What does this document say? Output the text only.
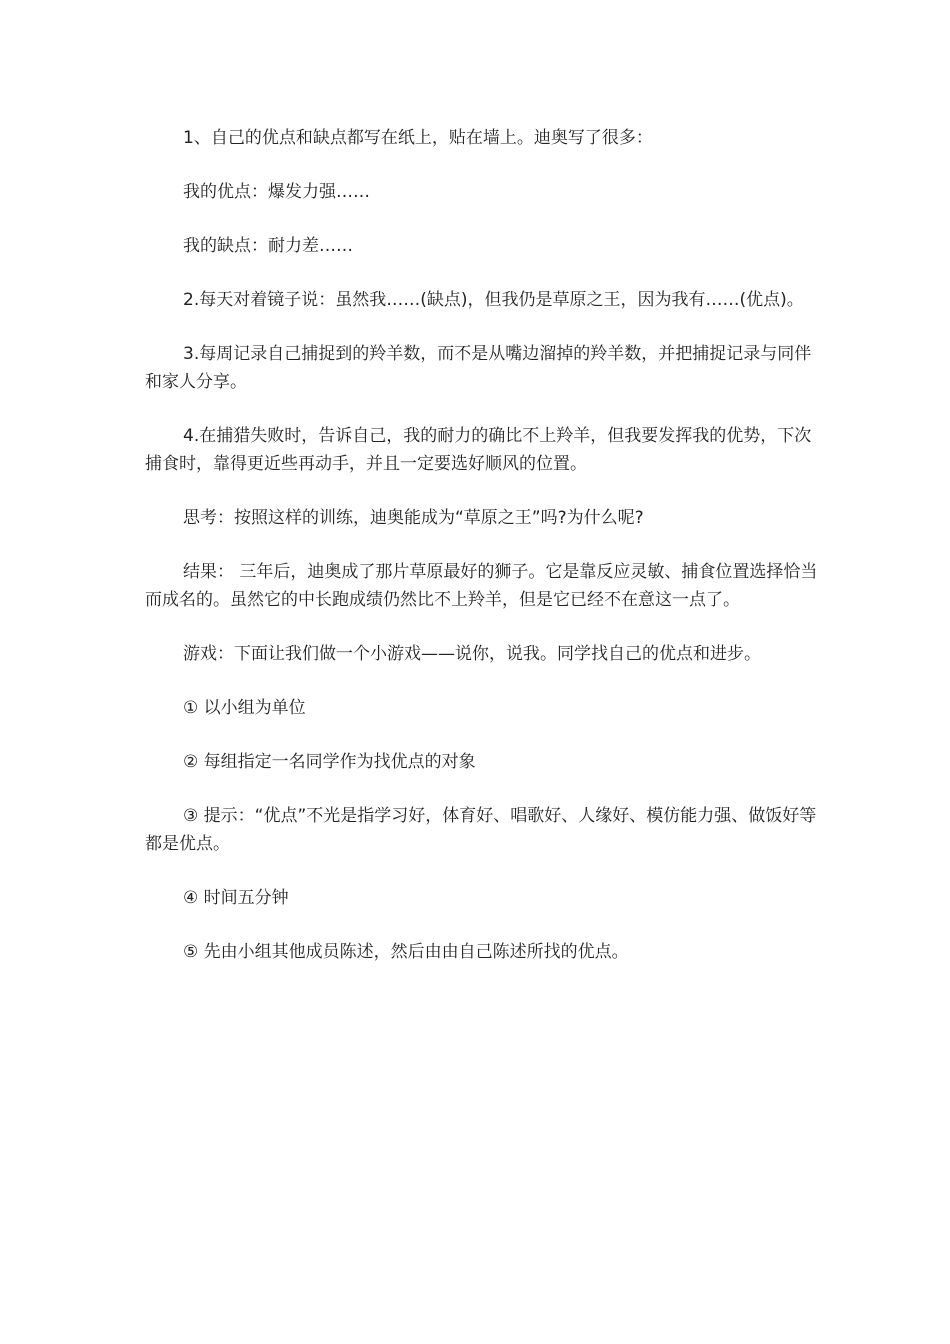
1、自己的优点和缺点都写在纸上，贴在墙上。迪奥写了很多：

我的优点：爆发力强……

我的缺点：耐力差……

2.每天对着镜子说：虽然我……(缺点)，但我仍是草原之王，因为我有……(优点)。

3.每周记录自己捕捉到的羚羊数，而不是从嘴边溜掉的羚羊数，并把捕捉记录与同伴和家人分享。

4.在捕猎失败时，告诉自己，我的耐力的确比不上羚羊，但我要发挥我的优势，下次捕食时，靠得更近些再动手，并且一定要选好顺风的位置。

思考：按照这样的训练，迪奥能成为“草原之王”吗?为什么呢?

结果： 三年后，迪奥成了那片草原最好的狮子。它是靠反应灵敏、捕食位置选择恰当而成名的。虽然它的中长跑成绩仍然比不上羚羊，但是它已经不在意这一点了。

游戏：下面让我们做一个小游戏——说你，说我。同学找自己的优点和进步。

① 以小组为单位

② 每组指定一名同学作为找优点的对象

③ 提示：“优点”不光是指学习好，体育好、唱歌好、人缘好、模仿能力强、做饭好等都是优点。

④ 时间五分钟

⑤ 先由小组其他成员陈述，然后由由自己陈述所找的优点。
